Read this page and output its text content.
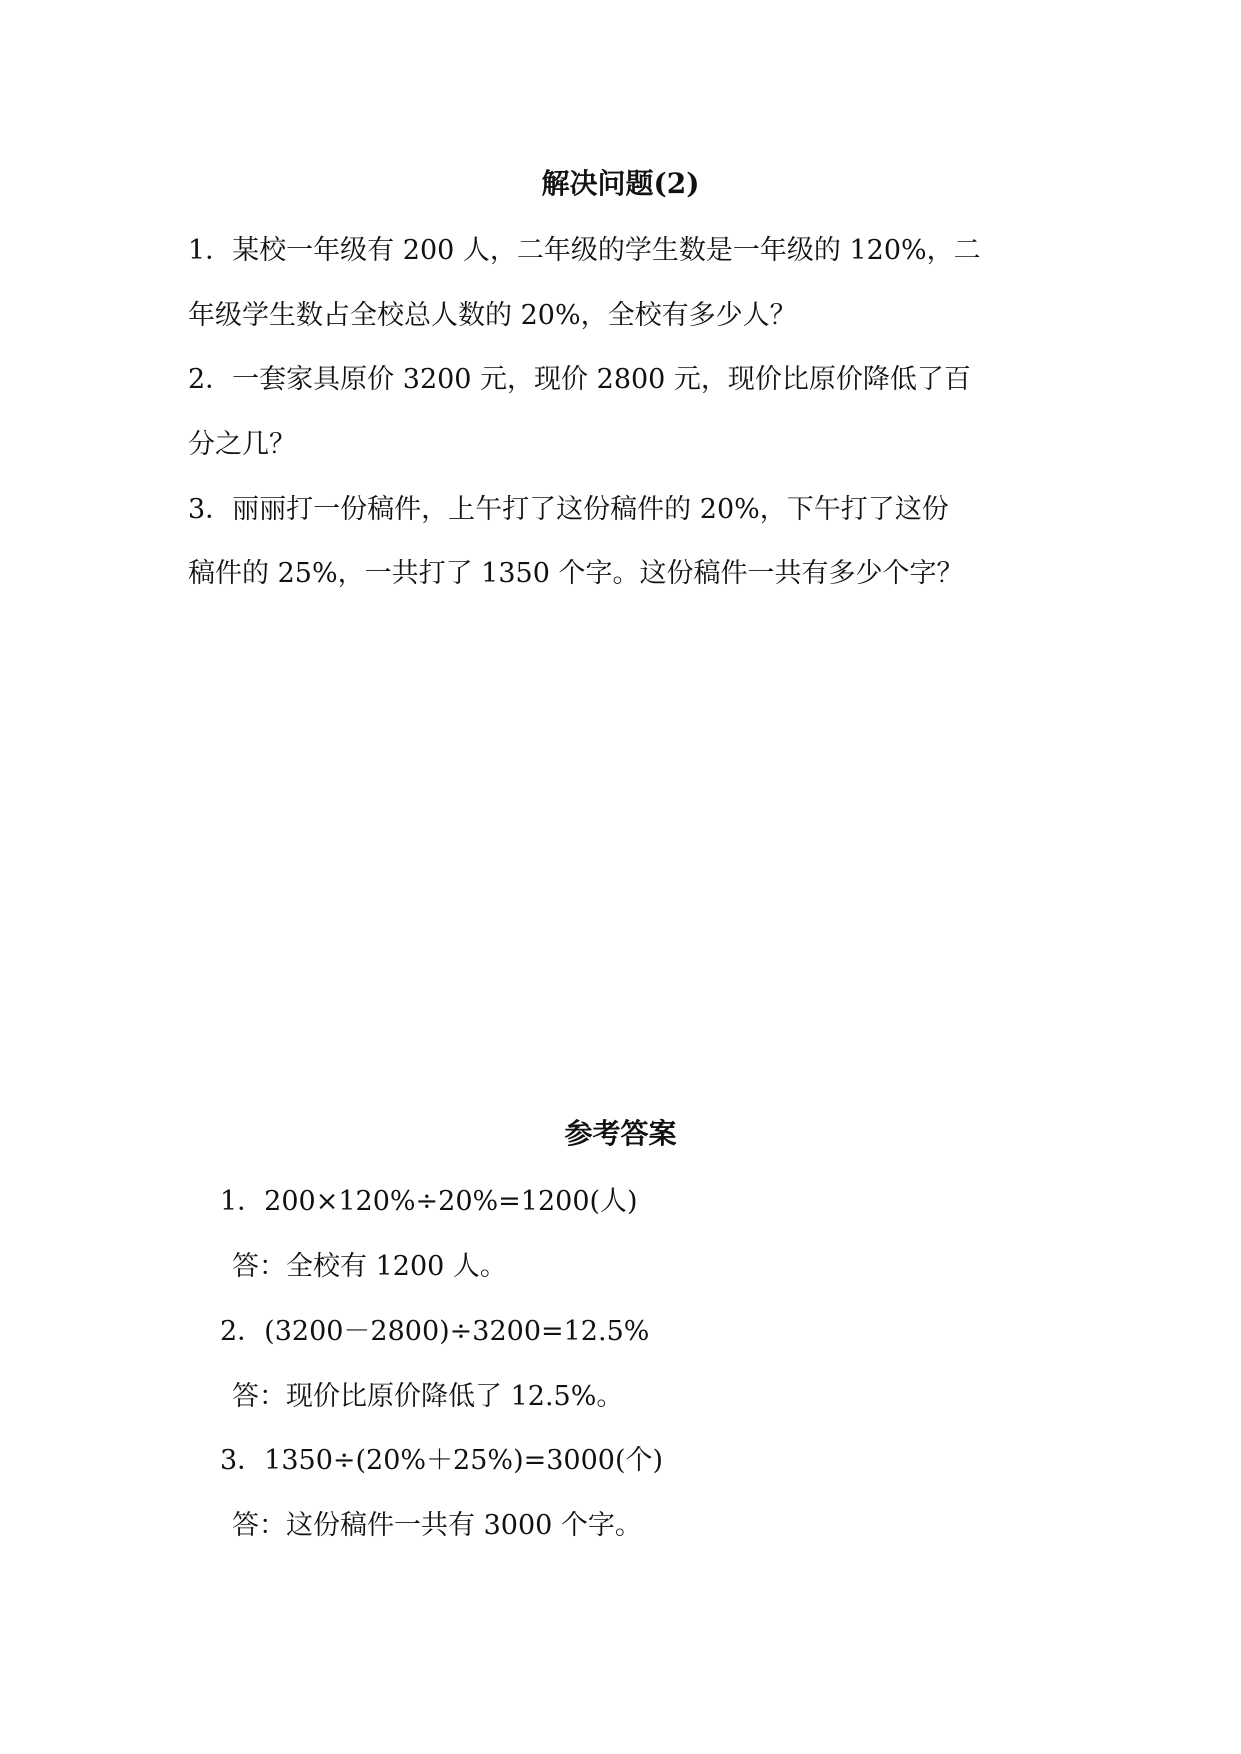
解决问题(2)

1．某校一年级有 200 人，二年级的学生数是一年级的 120%，二

年级学生数占全校总人数的 20%，全校有多少人？

2．一套家具原价 3200 元，现价 2800 元，现价比原价降低了百

分之几？

3．丽丽打一份稿件，上午打了这份稿件的 20%，下午打了这份

稿件的 25%，一共打了 1350 个字。这份稿件一共有多少个字？

参考答案

1．200×120%÷20%=1200(人)

答：全校有 1200 人。

2．(3200－2800)÷3200=12.5%

答：现价比原价降低了 12.5%。

3．1350÷(20%＋25%)=3000(个)

答：这份稿件一共有 3000 个字。
